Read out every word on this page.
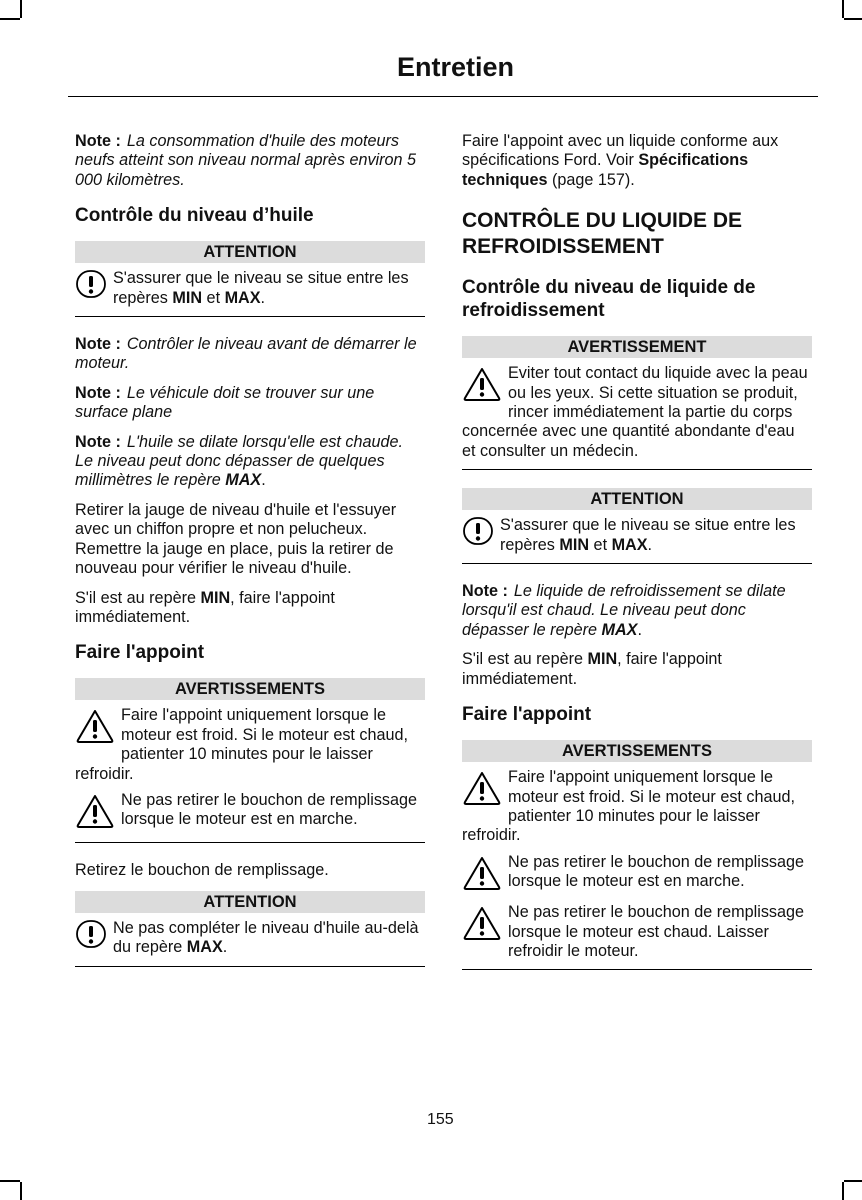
Entretien

Note : La consommation d'huile des moteurs neufs atteint son niveau normal après environ 5 000 kilomètres.

Contrôle du niveau d’huile
ATTENTION
S'assurer que le niveau se situe entre les repères MIN et MAX.

Note : Contrôler le niveau avant de démarrer le moteur.

Note : Le véhicule doit se trouver sur une surface plane

Note : L'huile se dilate lorsqu'elle est chaude. Le niveau peut donc dépasser de quelques millimètres le repère MAX.

Retirer la jauge de niveau d'huile et l'essuyer avec un chiffon propre et non pelucheux. Remettre la jauge en place, puis la retirer de nouveau pour vérifier le niveau d'huile.

S'il est au repère MIN, faire l'appoint immédiatement.

Faire l'appoint
AVERTISSEMENTS
Faire l'appoint uniquement lorsque le moteur est froid. Si le moteur est chaud, patienter 10 minutes pour le laisser refroidir.
Ne pas retirer le bouchon de remplissage lorsque le moteur est en marche.

Retirez le bouchon de remplissage.

ATTENTION
Ne pas compléter le niveau d'huile au-delà du repère MAX.

Faire l'appoint avec un liquide conforme aux spécifications Ford. Voir Spécifications techniques (page 157).

CONTRÔLE DU LIQUIDE DE REFROIDISSEMENT
Contrôle du niveau de liquide de refroidissement
AVERTISSEMENT
Eviter tout contact du liquide avec la peau ou les yeux. Si cette situation se produit, rincer immédiatement la partie du corps concernée avec une quantité abondante d'eau et consulter un médecin.
ATTENTION
S'assurer que le niveau se situe entre les repères MIN et MAX.

Note : Le liquide de refroidissement se dilate lorsqu'il est chaud. Le niveau peut donc dépasser le repère MAX.

S'il est au repère MIN, faire l'appoint immédiatement.

Faire l'appoint
AVERTISSEMENTS
Faire l'appoint uniquement lorsque le moteur est froid. Si le moteur est chaud, patienter 10 minutes pour le laisser refroidir.
Ne pas retirer le bouchon de remplissage lorsque le moteur est en marche.
Ne pas retirer le bouchon de remplissage lorsque le moteur est chaud. Laisser refroidir le moteur.
155
